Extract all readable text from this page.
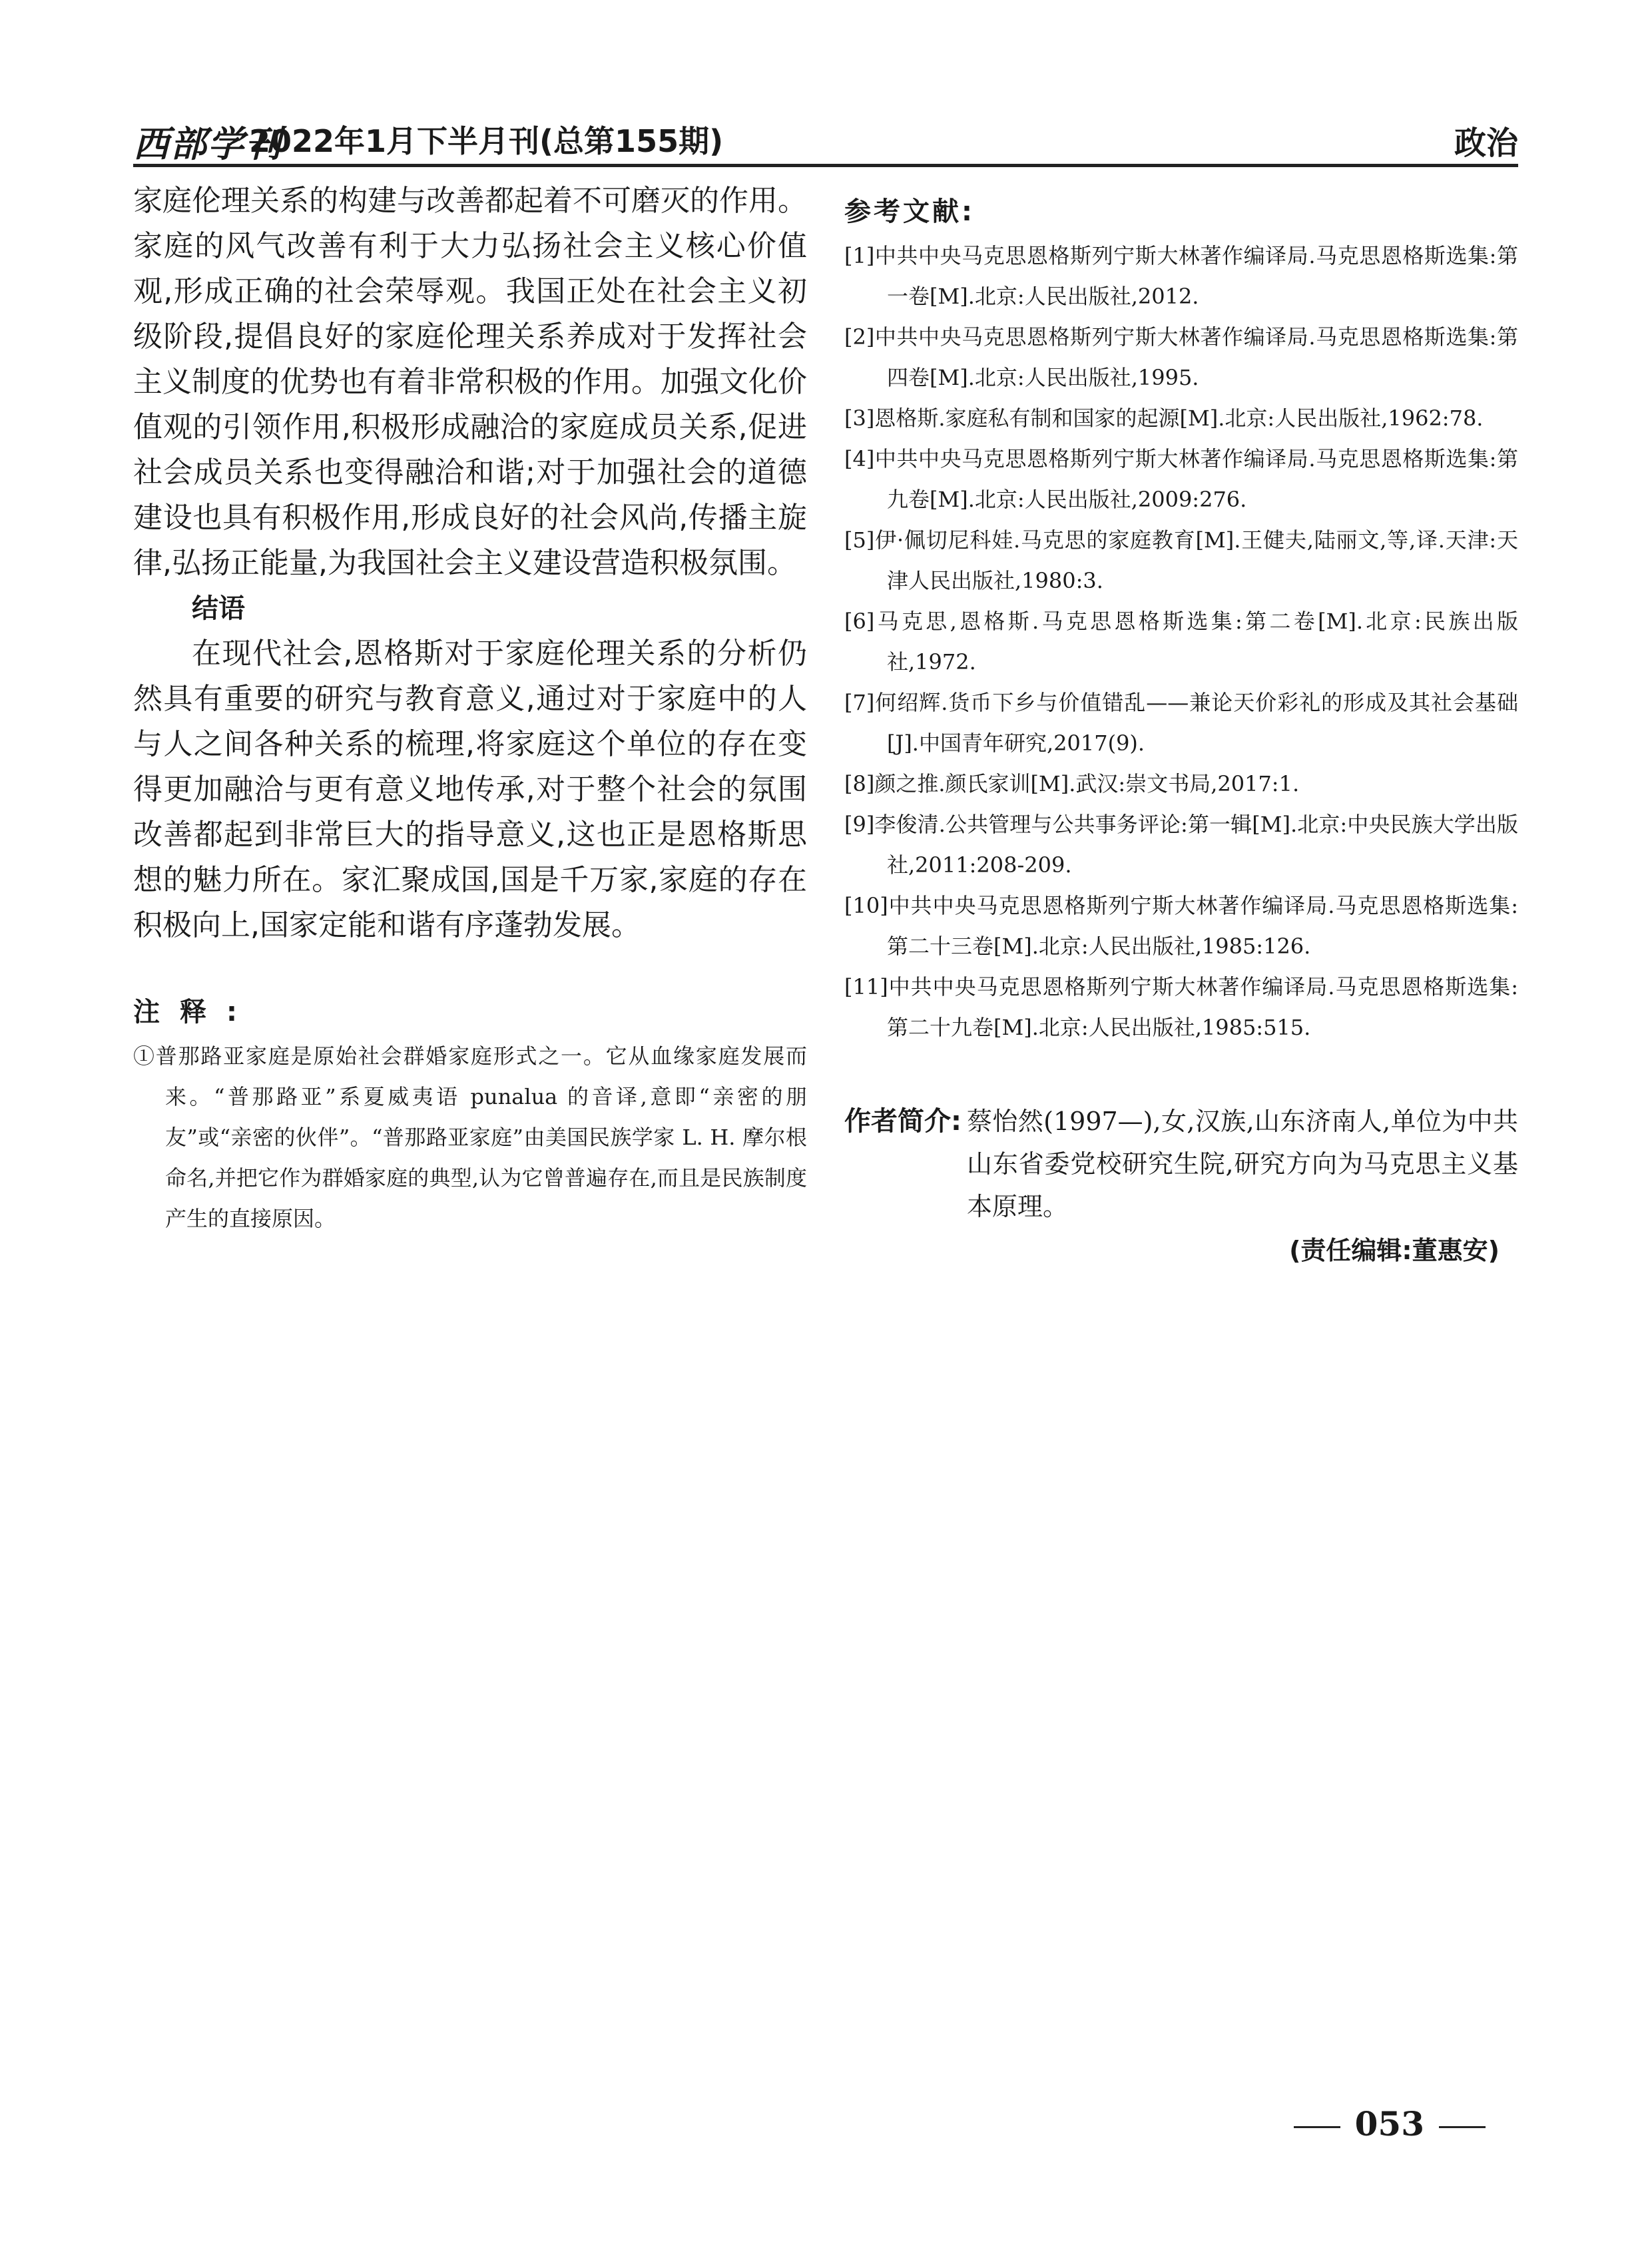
西部学刊
2022年1月下半月刊(总第155期)	政治

家庭伦理关系的构建与改善都起着不可磨灭的作用。家庭的风气改善有利于大力弘扬社会主义核心价值观,形成正确的社会荣辱观。我国正处在社会主义初级阶段,提倡良好的家庭伦理关系养成对于发挥社会主义制度的优势也有着非常积极的作用。加强文化价值观的引领作用,积极形成融洽的家庭成员关系,促进社会成员关系也变得融洽和谐;对于加强社会的道德建设也具有积极作用,形成良好的社会风尚,传播主旋律,弘扬正能量,为我国社会主义建设营造积极氛围。

结语

在现代社会,恩格斯对于家庭伦理关系的分析仍然具有重要的研究与教育意义,通过对于家庭中的人与人之间各种关系的梳理,将家庭这个单位的存在变得更加融洽与更有意义地传承,对于整个社会的氛围改善都起到非常巨大的指导意义,这也正是恩格斯思想的魅力所在。家汇聚成国,国是千万家,家庭的存在积极向上,国家定能和谐有序蓬勃发展。

注释:

①普那路亚家庭是原始社会群婚家庭形式之一。它从血缘家庭发展而来。“普那路亚”系夏威夷语 punalua 的音译,意即“亲密的朋友”或“亲密的伙伴”。“普那路亚家庭”由美国民族学家 L. H. 摩尔根命名,并把它作为群婚家庭的典型,认为它曾普遍存在,而且是民族制度产生的直接原因。

参考文献:

[1]中共中央马克思恩格斯列宁斯大林著作编译局.马克思恩格斯选集:第一卷[M].北京:人民出版社,2012.
[2]中共中央马克思恩格斯列宁斯大林著作编译局.马克思恩格斯选集:第四卷[M].北京:人民出版社,1995.
[3]恩格斯.家庭私有制和国家的起源[M].北京:人民出版社,1962:78.
[4]中共中央马克思恩格斯列宁斯大林著作编译局.马克思恩格斯选集:第九卷[M].北京:人民出版社,2009:276.
[5]伊·佩切尼科娃.马克思的家庭教育[M].王健夫,陆丽文,等,译.天津:天津人民出版社,1980:3.
[6]马克思,恩格斯.马克思恩格斯选集:第二卷[M].北京:民族出版社,1972.
[7]何绍辉.货币下乡与价值错乱——兼论天价彩礼的形成及其社会基础[J].中国青年研究,2017(9).
[8]颜之推.颜氏家训[M].武汉:崇文书局,2017:1.
[9]李俊清.公共管理与公共事务评论:第一辑[M].北京:中央民族大学出版社,2011:208-209.
[10]中共中央马克思恩格斯列宁斯大林著作编译局.马克思恩格斯选集:第二十三卷[M].北京:人民出版社,1985:126.
[11]中共中央马克思恩格斯列宁斯大林著作编译局.马克思恩格斯选集:第二十九卷[M].北京:人民出版社,1985:515.
作者简介: 蔡怡然(1997—),女,汉族,山东济南人,单位为中共山东省委党校研究生院,研究方向为马克思主义基本原理。
(责任编辑:董惠安)
053
